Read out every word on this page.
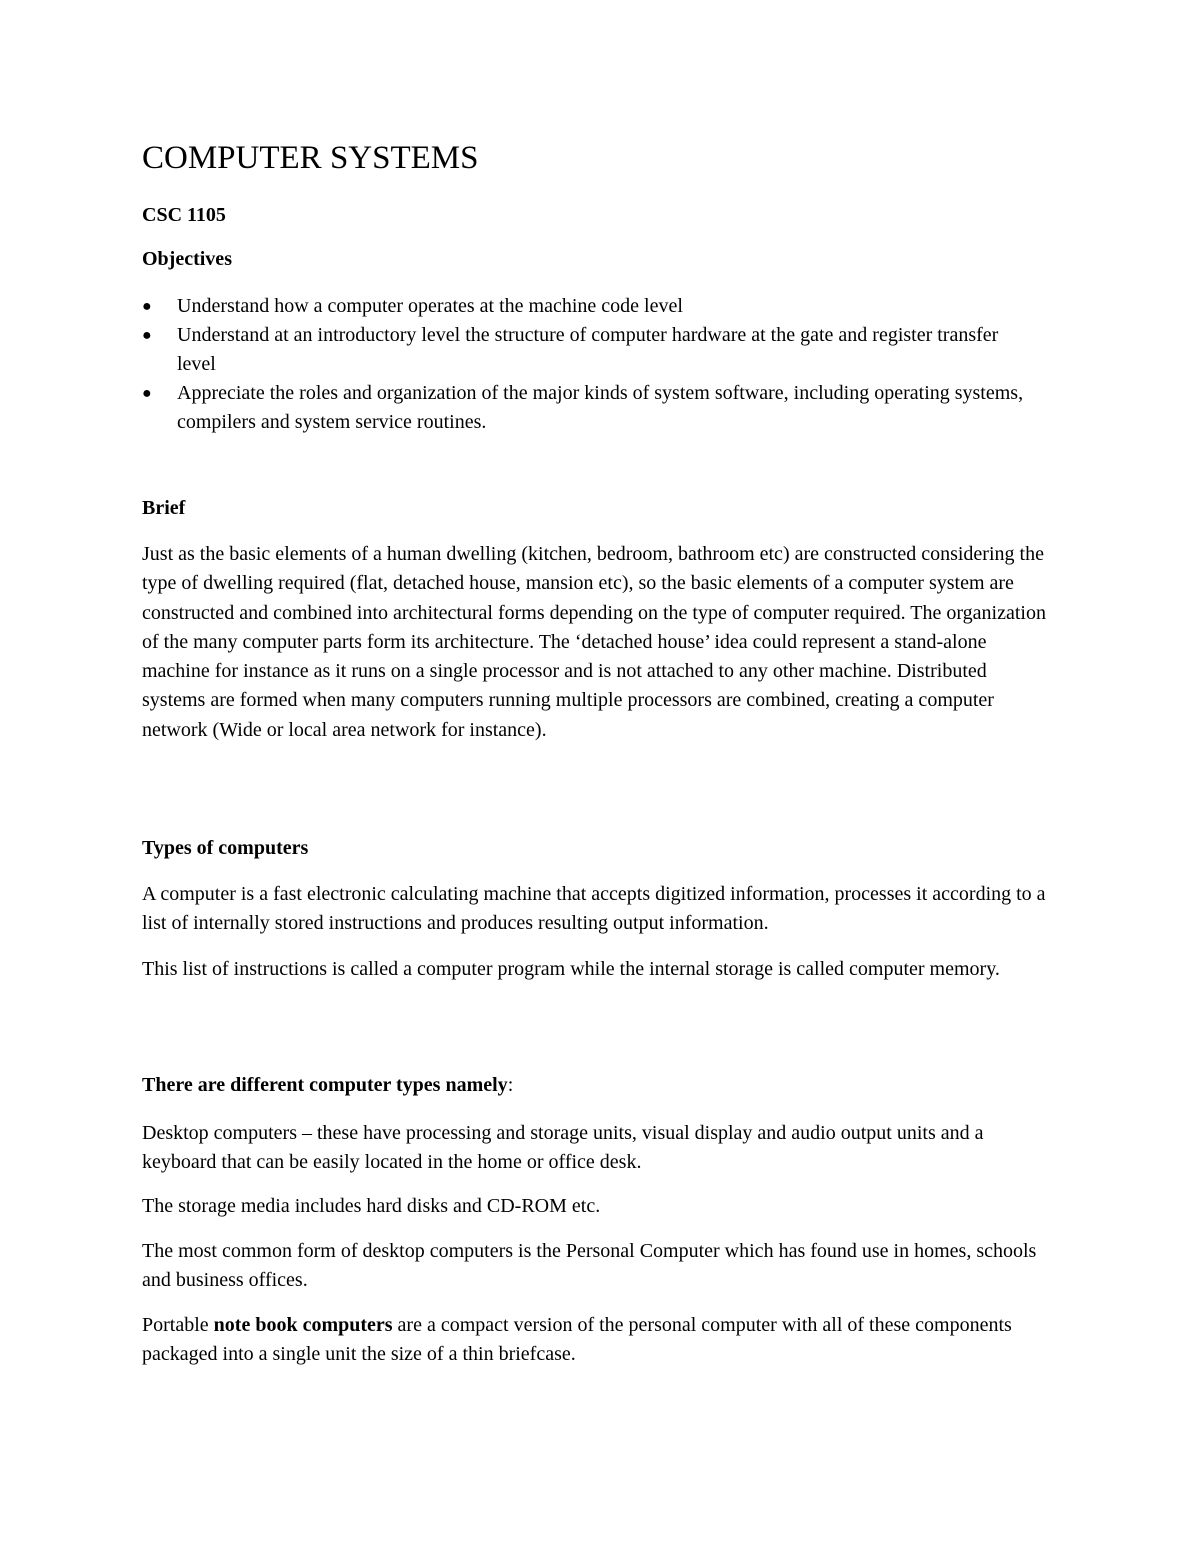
COMPUTER SYSTEMS

CSC 1105

Objectives

● Understand how a computer operates at the machine code level
● Understand at an introductory level the structure of computer hardware at the gate and register transfer level
● Appreciate the roles and organization of the major kinds of system software, including operating systems, compilers and system service routines.

Brief

Just as the basic elements of a human dwelling (kitchen, bedroom, bathroom etc) are constructed considering the type of dwelling required (flat, detached house, mansion etc), so the basic elements of a computer system are constructed and combined into architectural forms depending on the type of computer required. The organization of the many computer parts form its architecture. The ‘detached house’ idea could represent a stand-alone machine for instance as it runs on a single processor and is not attached to any other machine. Distributed systems are formed when many computers running multiple processors are combined, creating a computer network (Wide or local area network for instance).

Types of computers

A computer is a fast electronic calculating machine that accepts digitized information, processes it according to a list of internally stored instructions and produces resulting output information.

This list of instructions is called a computer program while the internal storage is called computer memory.

There are different computer types namely:

Desktop computers – these have processing and storage units, visual display and audio output units and a keyboard that can be easily located in the home or office desk.

The storage media includes hard disks and CD-ROM etc.

The most common form of desktop computers is the Personal Computer which has found use in homes, schools and business offices.

Portable note book computers are a compact version of the personal computer with all of these components packaged into a single unit the size of a thin briefcase.
